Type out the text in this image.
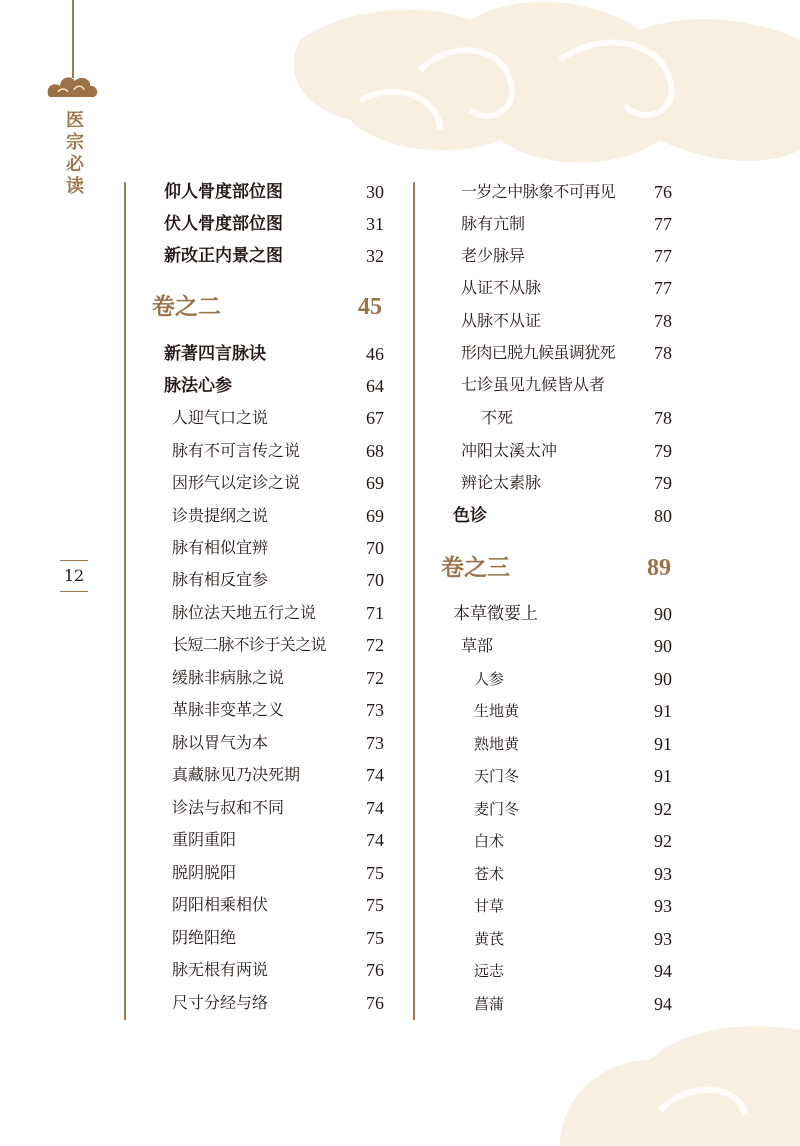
医
宗
必
读
12
仰人骨度部位图	30
伏人骨度部位图	31
新改正内景之图	32
卷之二	45
新著四言脉诀	46
脉法心参	64
人迎气口之说	67
脉有不可言传之说	68
因形气以定诊之说	69
诊贵提纲之说	69
脉有相似宜辨	70
脉有相反宜参	70
脉位法天地五行之说	71
长短二脉不诊于关之说 72
缓脉非病脉之说	72
革脉非变革之义	73
脉以胃气为本	73
真藏脉见乃决死期	74
诊法与叔和不同	74
重阴重阳	74
脱阴脱阳	75
阴阳相乘相伏	75
阴绝阳绝	75
脉无根有两说	76
尺寸分经与络	76
一岁之中脉象不可再见 76
脉有亢制	77
老少脉异	77
从证不从脉	77
从脉不从证	78
形肉已脱九候虽调犹死 78
七诊虽见九候皆从者
不死	78
冲阳太溪太冲	79
辨论太素脉	79
色诊	80
卷之三	89
本草徵要上	90
草部	90
人参	90
生地黄	91
熟地黄	91
天门冬	91
麦门冬	92
白术	92
苍术	93
甘草	93
黄芪	93
远志	94
菖蒲	94
